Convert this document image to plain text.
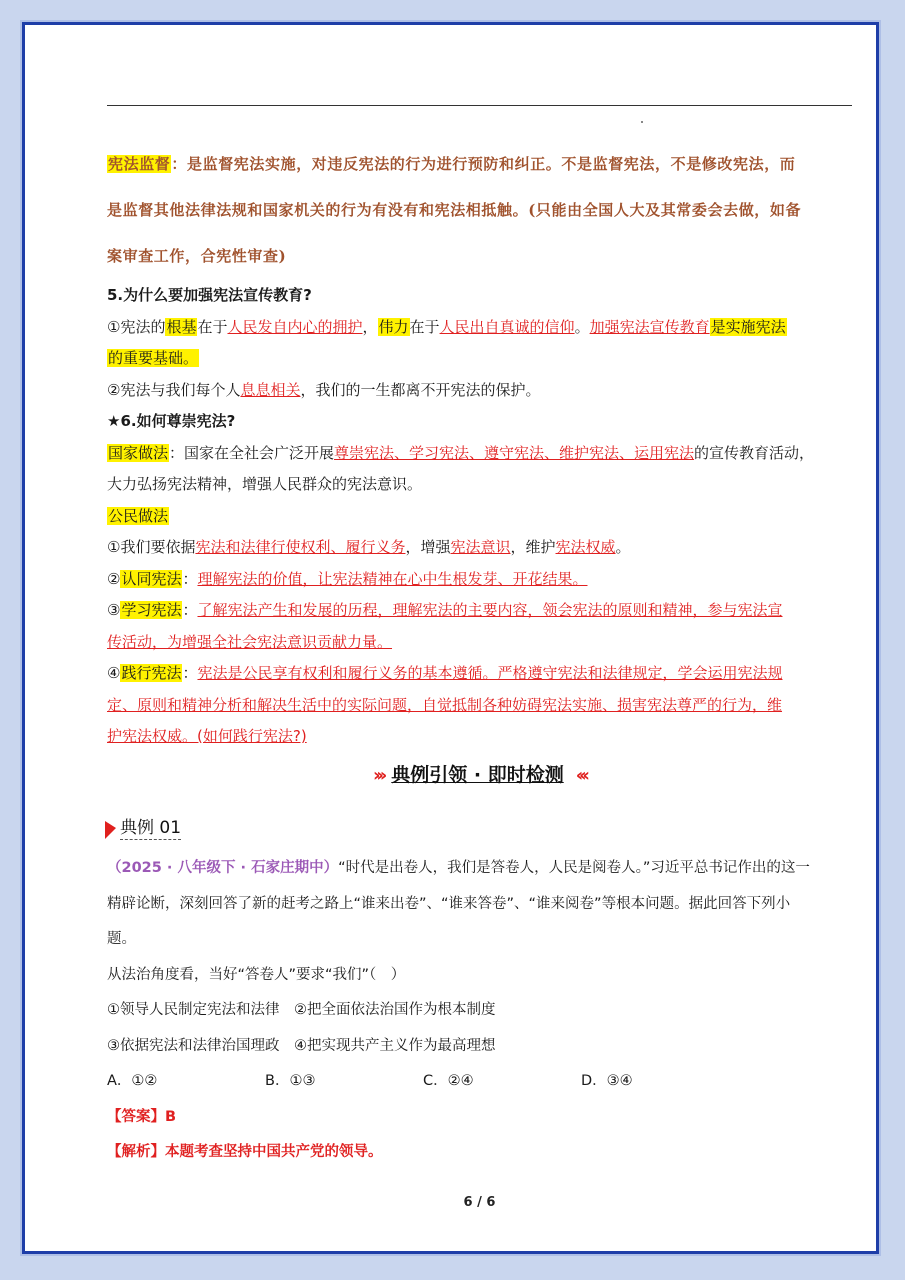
宪法监督：是监督宪法实施，对违反宪法的行为进行预防和纠正。不是监督宪法，不是修改宪法，而
是监督其他法律法规和国家机关的行为有没有和宪法相抵触。(只能由全国人大及其常委会去做，如备
案审查工作，合宪性审查)

5.为什么要加强宪法宣传教育?

①宪法的根基在于人民发自内心的拥护，伟力在于人民出自真诚的信仰。加强宪法宣传教育是实施宪法

的重要基础。

②宪法与我们每个人息息相关，我们的一生都离不开宪法的保护。

★6.如何尊崇宪法?

国家做法：国家在全社会广泛开展尊崇宪法、学习宪法、遵守宪法、维护宪法、运用宪法的宣传教育活动，

大力弘扬宪法精神，增强人民群众的宪法意识。

公民做法

①我们要依据宪法和法律行使权利、履行义务，增强宪法意识，维护宪法权威。

②认同宪法：理解宪法的价值，让宪法精神在心中生根发芽、开花结果。

③学习宪法：了解宪法产生和发展的历程，理解宪法的主要内容，领会宪法的原则和精神，参与宪法宣

传活动，为增强全社会宪法意识贡献力量。

④践行宪法：宪法是公民享有权利和履行义务的基本遵循。严格遵守宪法和法律规定，学会运用宪法规

定、原则和精神分析和解决生活中的实际问题，自觉抵制各种妨碍宪法实施、损害宪法尊严的行为，维

护宪法权威。(如何践行宪法?)

››› 典例引领 · 即时检测 ‹‹‹
典例 01

（2025 · 八年级下 · 石家庄期中）“时代是出卷人，我们是答卷人，人民是阅卷人。”习近平总书记作出的这一

精辟论断，深刻回答了新的赶考之路上“谁来出卷”、“谁来答卷”、“谁来阅卷”等根本问题。据此回答下列小

题。

从法治角度看，当好“答卷人”要求“我们”（　）

①领导人民制定宪法和法律　②把全面依法治国作为根本制度

③依据宪法和法律治国理政　④把实现共产主义作为最高理想

A．①②	B．①③	C．②④	D．③④

【答案】B

【解析】本题考查坚持中国共产党的领导。

6 / 6
